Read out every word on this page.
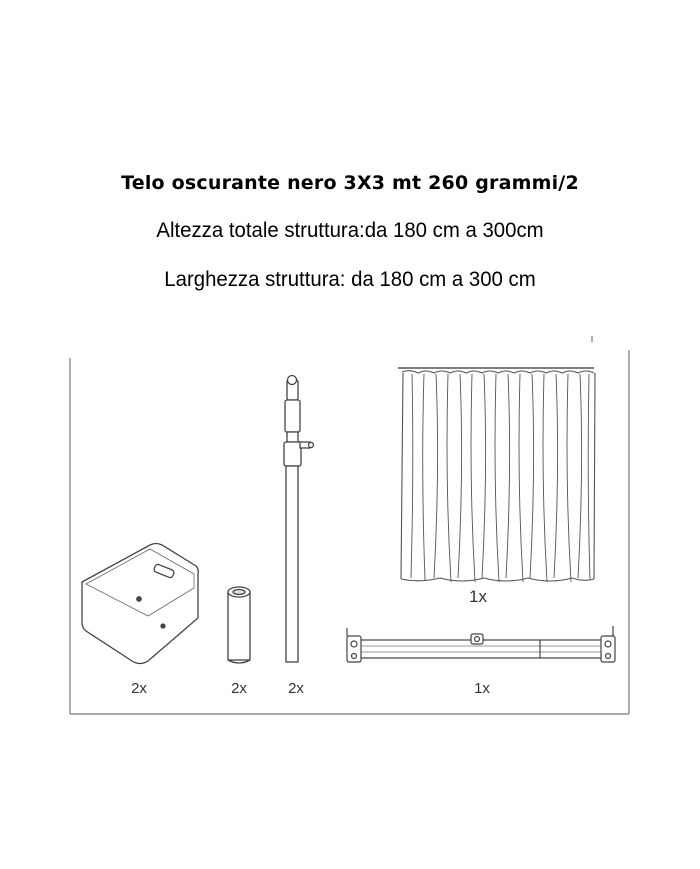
Telo oscurante nero 3X3 mt 260 grammi/2
Altezza totale struttura:da 180 cm a 300cm
Larghezza struttura: da 180 cm a 300 cm
2x	2x	2x
1x
1x
